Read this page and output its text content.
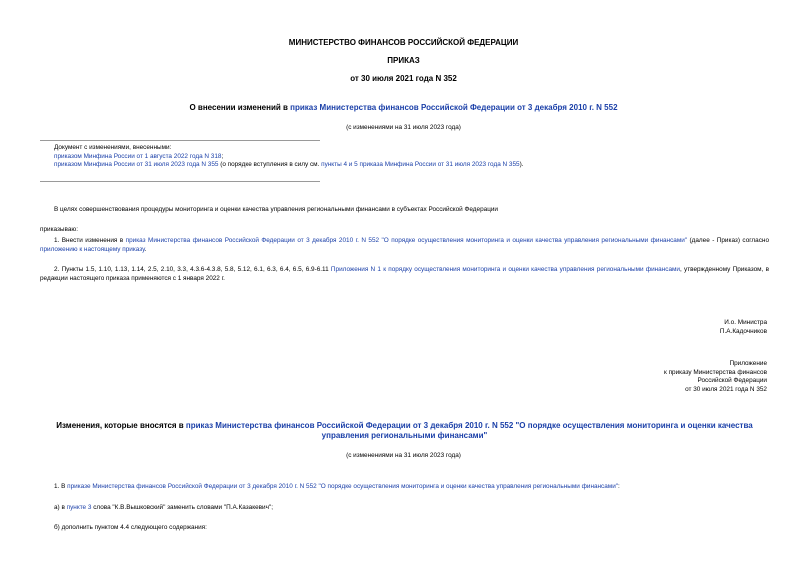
МИНИСТЕРСТВО ФИНАНСОВ РОССИЙСКОЙ ФЕДЕРАЦИИ
ПРИКАЗ
от 30 июля 2021 года N 352
О внесении изменений в приказ Министерства финансов Российской Федерации от 3 декабря 2010 г. N 552
(с изменениями на 31 июля 2023 года)
Документ с изменениями, внесенными:
приказом Минфина России от 1 августа 2022 года N 318;
приказом Минфина России от 31 июля 2023 года N 355 (о порядке вступления в силу см. пункты 4 и 5 приказа Минфина России от 31 июля 2023 года N 355).
В целях совершенствования процедуры мониторинга и оценки качества управления региональными финансами в субъектах Российской Федерации
приказываю:
1. Внести изменения в приказ Министерства финансов Российской Федерации от 3 декабря 2010 г. N 552 "О порядке осуществления мониторинга и оценки качества управления региональными финансами" (далее - Приказ) согласно приложению к настоящему приказу.
2. Пункты 1.5, 1.10, 1.13, 1.14, 2.5, 2.10, 3.3, 4.3.6-4.3.8, 5.8, 5.12, 6.1, 6.3, 6.4, 6.5, 6.9-6.11 Приложения N 1 к порядку осуществления мониторинга и оценки качества управления региональными финансами, утвержденному Приказом, в редакции настоящего приказа применяются с 1 января 2022 г.
И.о. Министра
П.А.Кадочников
Приложение
к приказу Министерства финансов
Российской Федерации
от 30 июля 2021 года N 352
Изменения, которые вносятся в приказ Министерства финансов Российской Федерации от 3 декабря 2010 г. N 552 "О порядке осуществления мониторинга и оценки качества управления региональными финансами"
(с изменениями на 31 июля 2023 года)
1. В приказе Министерства финансов Российской Федерации от 3 декабря 2010 г. N 552 "О порядке осуществления мониторинга и оценки качества управления региональными финансами":
а) в пункте 3 слова "К.В.Вышковский" заменить словами "П.А.Казакевич";
б) дополнить пунктом 4.4 следующего содержания:
